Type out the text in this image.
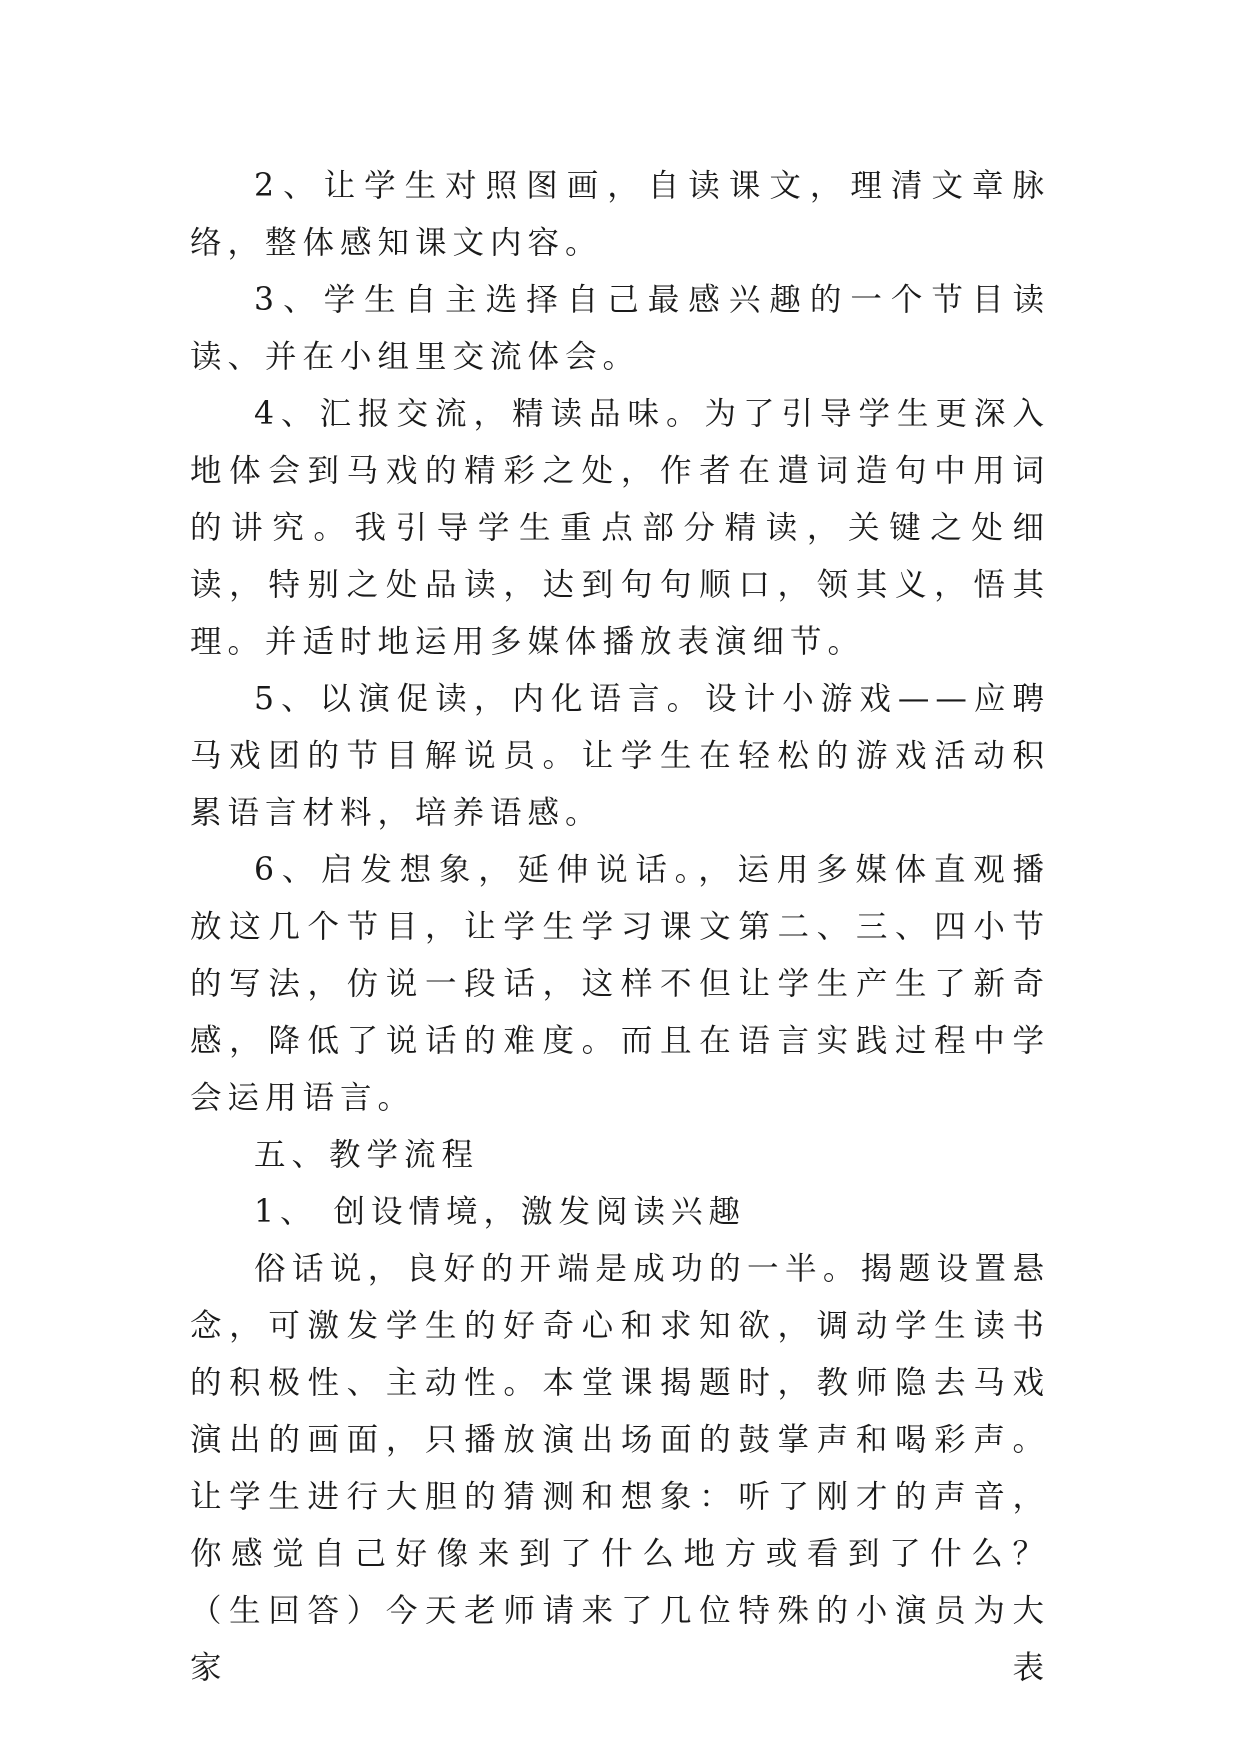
2、让学生对照图画，自读课文，理清文章脉络，整体感知课文内容。

3、学生自主选择自己最感兴趣的一个节目读读、并在小组里交流体会。

4、汇报交流，精读品味。为了引导学生更深入地体会到马戏的精彩之处，作者在遣词造句中用词的讲究。我引导学生重点部分精读，关键之处细读，特别之处品读，达到句句顺口，领其义，悟其理。并适时地运用多媒体播放表演细节。

5、以演促读，内化语言。设计小游戏——应聘马戏团的节目解说员。让学生在轻松的游戏活动积累语言材料，培养语感。

6、启发想象，延伸说话。，运用多媒体直观播放这几个节目，让学生学习课文第二、三、四小节的写法，仿说一段话，这样不但让学生产生了新奇感，降低了说话的难度。而且在语言实践过程中学会运用语言。

五、教学流程

1、 创设情境，激发阅读兴趣

俗话说，良好的开端是成功的一半。揭题设置悬念，可激发学生的好奇心和求知欲，调动学生读书的积极性、主动性。本堂课揭题时，教师隐去马戏演出的画面，只播放演出场面的鼓掌声和喝彩声。让学生进行大胆的猜测和想象：听了刚才的声音，你感觉自己好像来到了什么地方或看到了什么？（生回答）今天老师请来了几位特殊的小演员为大家表
